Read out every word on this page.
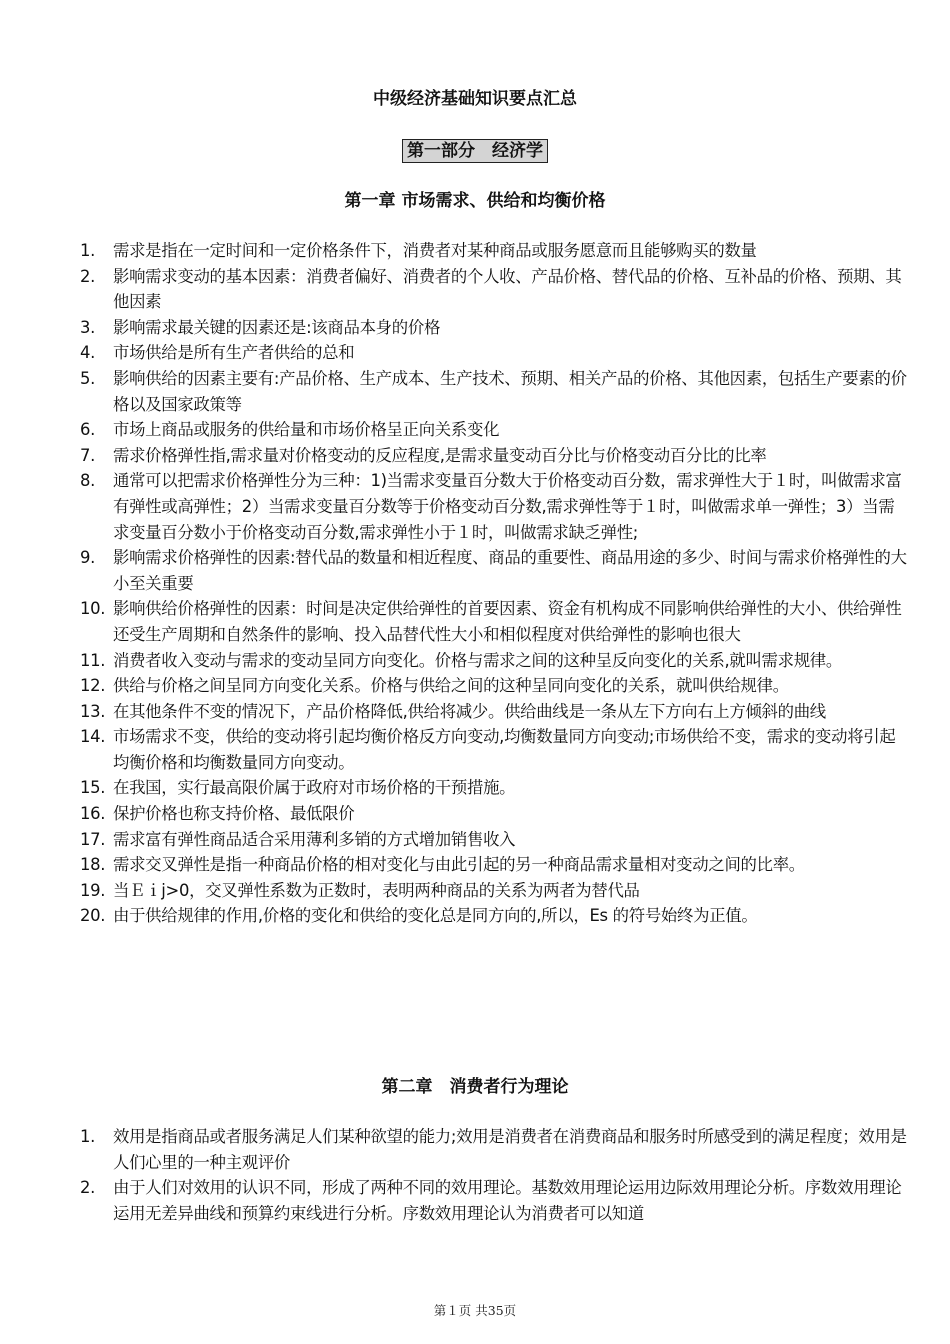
中级经济基础知识要点汇总
第一部分　经济学
第一章 市场需求、供给和均衡价格
1. 需求是指在一定时间和一定价格条件下，消费者对某种商品或服务愿意而且能够购买的数量
2. 影响需求变动的基本因素：消费者偏好、消费者的个人收、产品价格、替代品的价格、互补品的价格、预期、其他因素
3. 影响需求最关键的因素还是:该商品本身的价格
4. 市场供给是所有生产者供给的总和
5. 影响供给的因素主要有:产品价格、生产成本、生产技术、预期、相关产品的价格、其他因素，包括生产要素的价格以及国家政策等
6. 市场上商品或服务的供给量和市场价格呈正向关系变化
7. 需求价格弹性指,需求量对价格变动的反应程度,是需求量变动百分比与价格变动百分比的比率
8. 通常可以把需求价格弹性分为三种：1)当需求变量百分数大于价格变动百分数，需求弹性大于１时，叫做需求富有弹性或高弹性；2）当需求变量百分数等于价格变动百分数,需求弹性等于１时，叫做需求单一弹性；3）当需求变量百分数小于价格变动百分数,需求弹性小于１时，叫做需求缺乏弹性;
9. 影响需求价格弹性的因素:替代品的数量和相近程度、商品的重要性、商品用途的多少、时间与需求价格弹性的大小至关重要
10. 影响供给价格弹性的因素：时间是决定供给弹性的首要因素、资金有机构成不同影响供给弹性的大小、供给弹性还受生产周期和自然条件的影响、投入品替代性大小和相似程度对供给弹性的影响也很大
11. 消费者收入变动与需求的变动呈同方向变化。价格与需求之间的这种呈反向变化的关系,就叫需求规律。
12. 供给与价格之间呈同方向变化关系。价格与供给之间的这种呈同向变化的关系，就叫供给规律。
13. 在其他条件不变的情况下，产品价格降低,供给将减少。供给曲线是一条从左下方向右上方倾斜的曲线
14. 市场需求不变，供给的变动将引起均衡价格反方向变动,均衡数量同方向变动;市场供给不变，需求的变动将引起均衡价格和均衡数量同方向变动。
15. 在我国，实行最高限价属于政府对市场价格的干预措施。
16. 保护价格也称支持价格、最低限价
17. 需求富有弹性商品适合采用薄利多销的方式增加销售收入
18. 需求交叉弹性是指一种商品价格的相对变化与由此引起的另一种商品需求量相对变动之间的比率。
19. 当Ｅｉj>0，交叉弹性系数为正数时，表明两种商品的关系为两者为替代品
20. 由于供给规律的作用,价格的变化和供给的变化总是同方向的,所以，Es 的符号始终为正值。
第二章　消费者行为理论
1. 效用是指商品或者服务满足人们某种欲望的能力;效用是消费者在消费商品和服务时所感受到的满足程度；效用是人们心里的一种主观评价
2. 由于人们对效用的认识不同，形成了两种不同的效用理论。基数效用理论运用边际效用理论分析。序数效用理论运用无差异曲线和预算约束线进行分析。序数效用理论认为消费者可以知道
第１页 共35页
